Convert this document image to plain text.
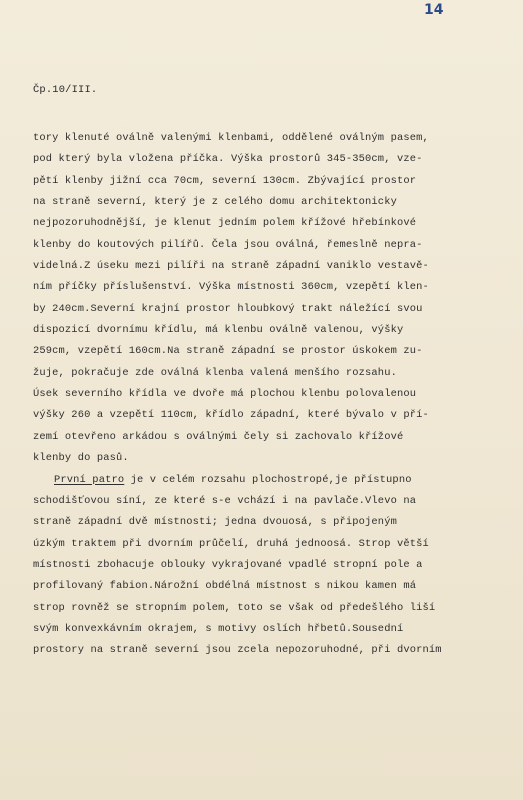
14
Čp.10/III.
tory klenuté oválně valenými klenbami, oddělené oválným pasem,
pod který byla vložena příčka. Výška prostorů 345-350cm, vze-
pětí klenby jižní cca 70cm, severní 130cm. Zbývající prostor
na straně severní, který je z celého domu architektonicky
nejpozoruhodnější, je klenut jedním polem křížové hřebínkové
klenby do koutových pilířů. Čela jsou oválná, řemeslně nepra-
videlná.Z úseku mezi pilíři na straně západní vaniklo vestavě-
ním příčky příslušenství. Výška místnosti 360cm, vzepětí klen-
by 240cm.Severní krajní prostor hloubkový trakt náležící svou
dispozicí dvornímu křídlu, má klenbu oválně valenou, výšky
259cm, vzepětí 160cm.Na straně západní se prostor úskokem zu-
žuje, pokračuje zde oválná klenba valená menšího rozsahu.
Úsek severního křídla ve dvoře má plochou klenbu polovalenou
výšky 260 a vzepětí 110cm, křídlo západní, které bývalo v pří-
zemí otevřeno arkádou s oválnými čely si zachovalo křížové
klenby do pasů.
První patro je v celém rozsahu plochostropé,je přístupno
schodišťovou síní, ze které s-e vchází i na pavlače.Vlevo na
straně západní dvě místnosti; jedna dvouosá, s připojeným
úzkým traktem při dvorním průčelí, druhá jednoosá. Strop větší
místnosti zbohacuje oblouky vykrajované vpadlé stropní pole a
profilovaný fabion.Nárožní obdélná místnost s nikou kamen má
strop rovněž se stropním polem, toto se však od předešlého liší
svým konvexkávním okrajem, s motivy oslích hřbetů.Sousední
prostory na straně severní jsou zcela nepozoruhodné, při dvorním
